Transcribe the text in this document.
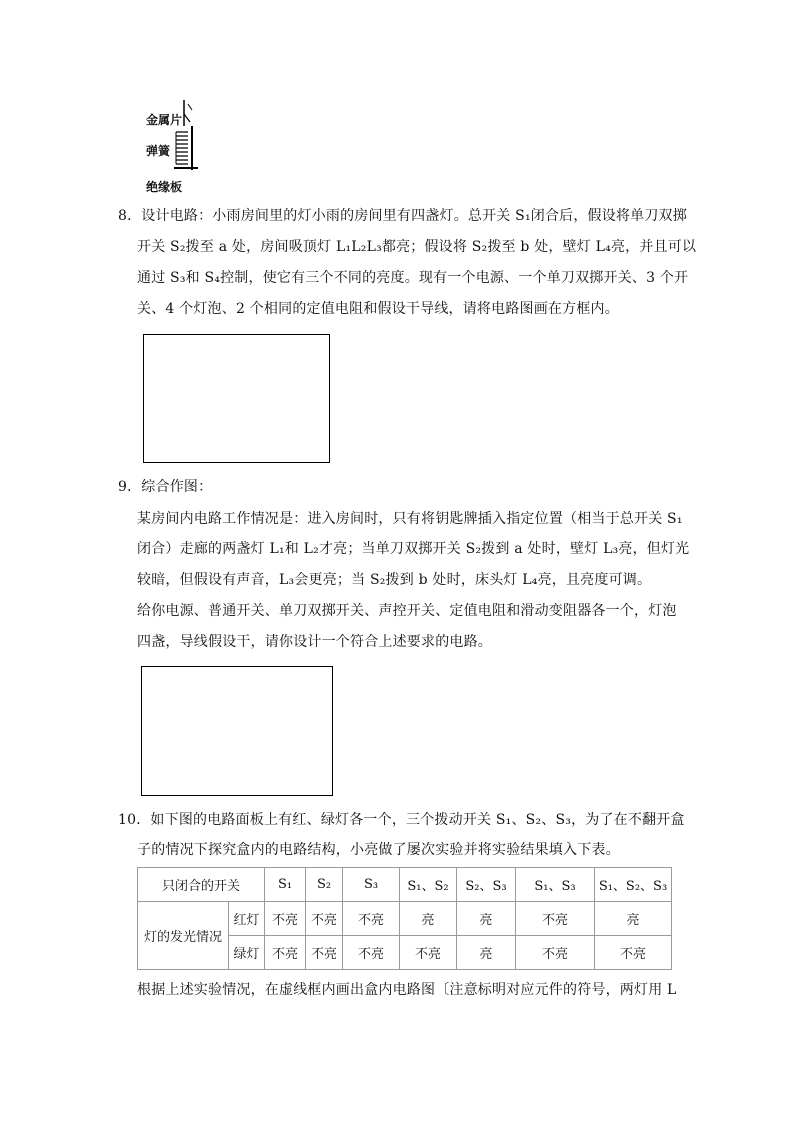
金属片
弹簧
绝缘板
8．设计电路：小雨房间里的灯小雨的房间里有四盏灯。总开关 S₁闭合后，假设将单刀双掷
开关 S₂拨至 a 处，房间吸顶灯 L₁L₂L₃都亮；假设将 S₂拨至 b 处，壁灯 L₄亮，并且可以
通过 S₃和 S₄控制，使它有三个不同的亮度。现有一个电源、一个单刀双掷开关、3 个开
关、4 个灯泡、2 个相同的定值电阻和假设干导线，请将电路图画在方框内。
9．综合作图：
某房间内电路工作情况是：进入房间时，只有将钥匙牌插入指定位置（相当于总开关 S₁
闭合）走廊的两盏灯 L₁和 L₂才亮；当单刀双掷开关 S₂拨到 a 处时，壁灯 L₃亮，但灯光
较暗，但假设有声音，L₃会更亮；当 S₂拨到 b 处时，床头灯 L₄亮，且亮度可调。
给你电源、普通开关、单刀双掷开关、声控开关、定值电阻和滑动变阻器各一个，灯泡
四盏，导线假设干，请你设计一个符合上述要求的电路。
10．如下图的电路面板上有红、绿灯各一个，三个拨动开关 S₁、S₂、S₃，为了在不翻开盒
子的情况下探究盒内的电路结构，小亮做了屡次实验并将实验结果填入下表。
只闭合的开关		S₁	S₂	S₃	S₁、S₂	S₂、S₃	S₁、S₃	S₁、S₂、S₃
灯的发光情况	红灯	不亮	不亮	不亮	亮	亮	不亮	亮
	绿灯	不亮	不亮	不亮	不亮	亮	不亮	不亮
根据上述实验情况，在虚线框内画出盒内电路图〔注意标明对应元件的符号，两灯用 L
